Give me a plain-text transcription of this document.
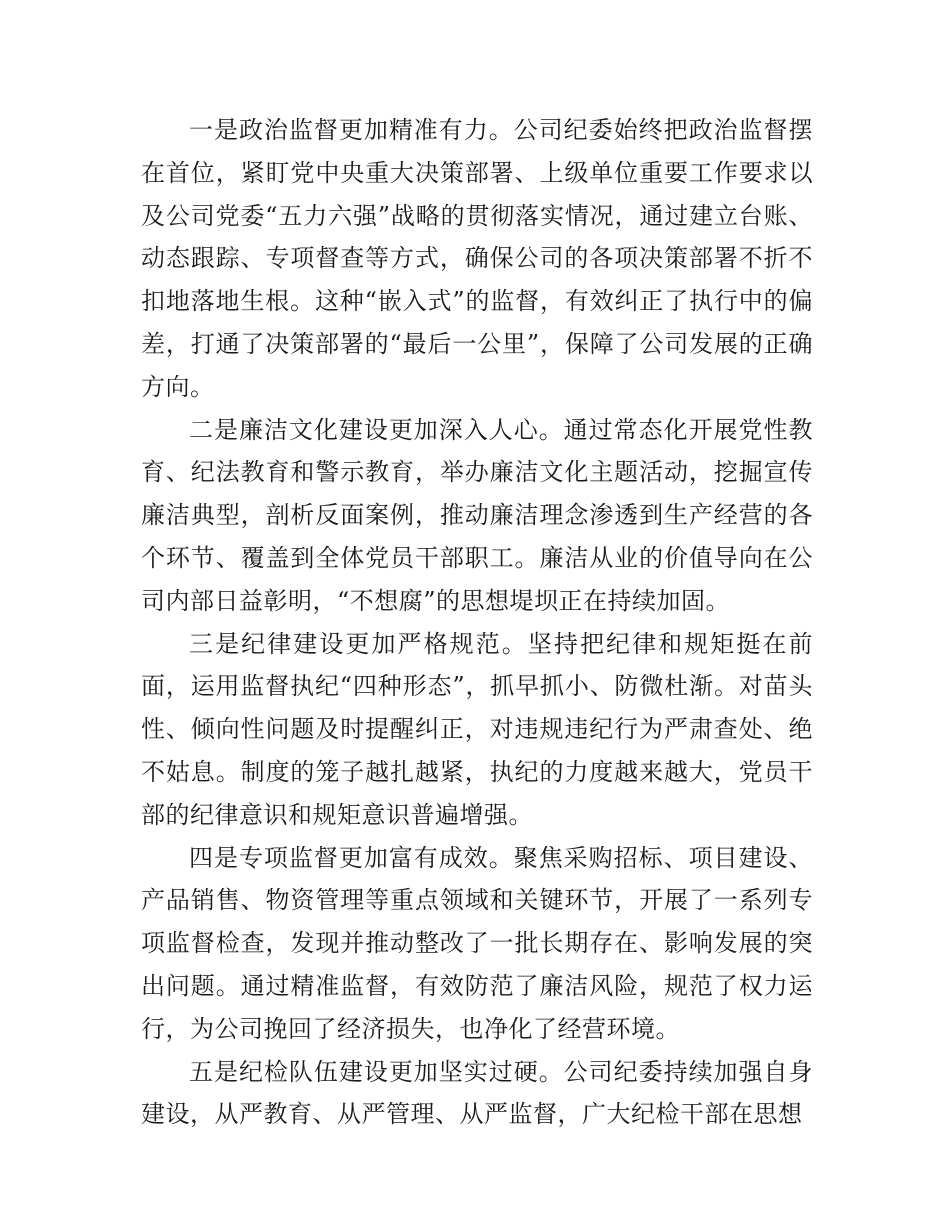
一是政治监督更加精准有力。公司纪委始终把政治监督摆在首位，紧盯党中央重大决策部署、上级单位重要工作要求以及公司党委“五力六强”战略的贯彻落实情况，通过建立台账、动态跟踪、专项督查等方式，确保公司的各项决策部署不折不扣地落地生根。这种“嵌入式”的监督，有效纠正了执行中的偏差，打通了决策部署的“最后一公里”，保障了公司发展的正确方向。

二是廉洁文化建设更加深入人心。通过常态化开展党性教育、纪法教育和警示教育，举办廉洁文化主题活动，挖掘宣传廉洁典型，剖析反面案例，推动廉洁理念渗透到生产经营的各个环节、覆盖到全体党员干部职工。廉洁从业的价值导向在公司内部日益彰明，“不想腐”的思想堤坝正在持续加固。

三是纪律建设更加严格规范。坚持把纪律和规矩挺在前面，运用监督执纪“四种形态”，抓早抓小、防微杜渐。对苗头性、倾向性问题及时提醒纠正，对违规违纪行为严肃查处、绝不姑息。制度的笼子越扎越紧，执纪的力度越来越大，党员干部的纪律意识和规矩意识普遍增强。

四是专项监督更加富有成效。聚焦采购招标、项目建设、产品销售、物资管理等重点领域和关键环节，开展了一系列专项监督检查，发现并推动整改了一批长期存在、影响发展的突出问题。通过精准监督，有效防范了廉洁风险，规范了权力运行，为公司挽回了经济损失，也净化了经营环境。

五是纪检队伍建设更加坚实过硬。公司纪委持续加强自身建设，从严教育、从严管理、从严监督，广大纪检干部在思想
